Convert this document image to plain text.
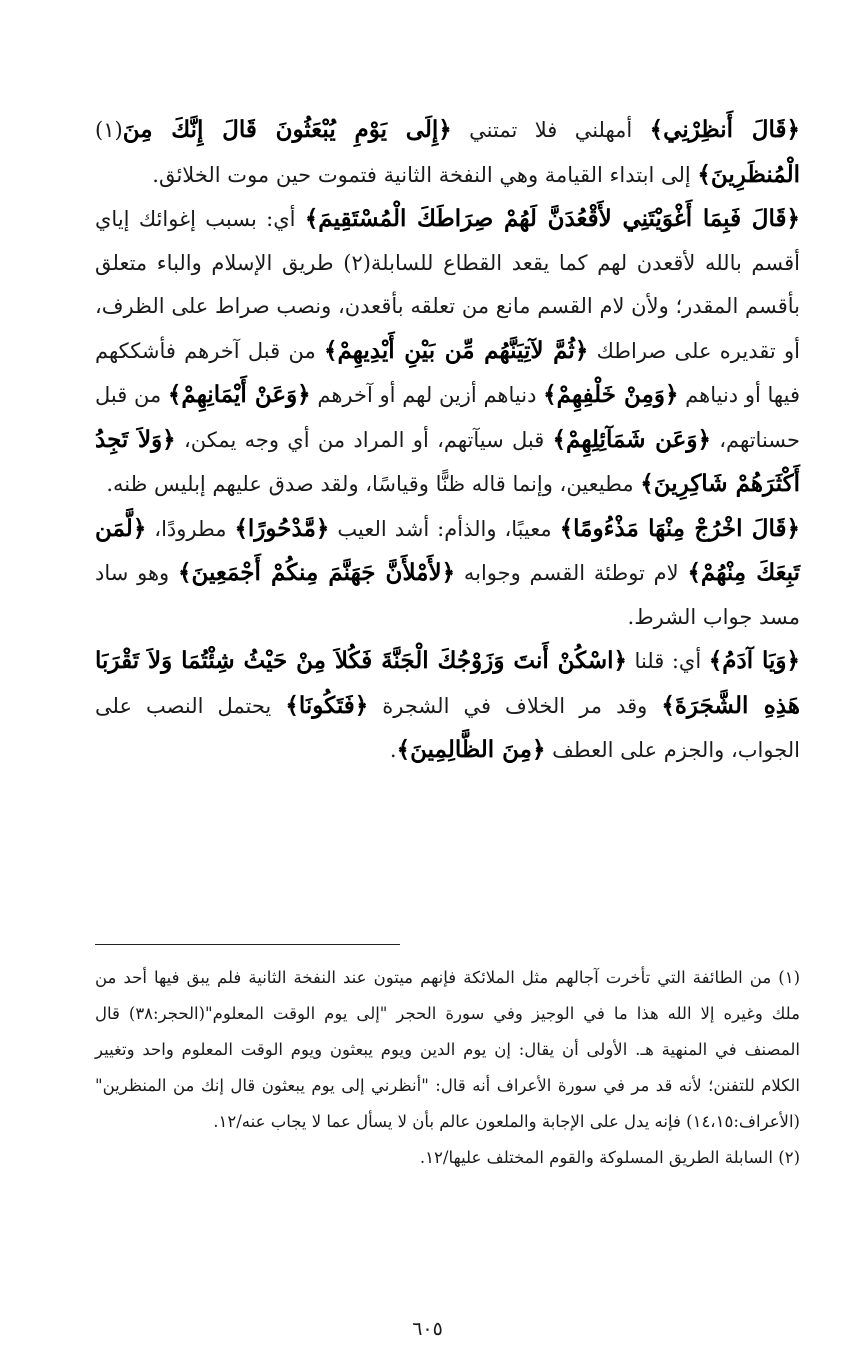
﴿قَالَ أَنظِرْنِي﴾ أمهلني فلا تمتني ﴿إِلَى يَوْمِ يُبْعَثُونَ قَالَ إِنَّكَ مِنَ(١) الْمُنظَرِينَ﴾ إلى ابتداء القيامة وهي النفخة الثانية فتموت حين موت الخلائق.

﴿قَالَ فَبِمَا أَغْوَيْتَنِي لأَقْعُدَنَّ لَهُمْ صِرَاطَكَ الْمُسْتَقِيمَ﴾ أي: بسبب إغوائك إياي أقسم بالله لأقعدن لهم كما يقعد القطاع للسابلة(٢) طريق الإسلام والباء متعلق بأقسم المقدر؛ ولأن لام القسم مانع من تعلقه بأقعدن، ونصب صراط على الظرف، أو تقديره على صراطك ﴿ثُمَّ لآتِيَنَّهُم مِّن بَيْنِ أَيْدِيهِمْ﴾ من قبل آخرهم فأشككهم فيها أو دنياهم ﴿وَمِنْ خَلْفِهِمْ﴾ دنياهم أزين لهم أو آخرهم ﴿وَعَنْ أَيْمَانِهِمْ﴾ من قبل حسناتهم، ﴿وَعَن شَمَآئِلِهِمْ﴾ قبل سيآتهم، أو المراد من أي وجه يمكن، ﴿وَلاَ تَجِدُ أَكْثَرَهُمْ شَاكِرِينَ﴾ مطيعين، وإنما قاله ظنًّا وقياسًا، ولقد صدق عليهم إبليس ظنه.

﴿قَالَ اخْرُجْ مِنْهَا مَذْءُومًا﴾ معيبًا، والذأم: أشد العيب ﴿مَّدْحُورًا﴾ مطرودًا، ﴿لَّمَن تَبِعَكَ مِنْهُمْ﴾ لام توطئة القسم وجوابه ﴿لأَمْلأَنَّ جَهَنَّمَ مِنكُمْ أَجْمَعِينَ﴾ وهو ساد مسد جواب الشرط.

﴿وَيَا آدَمُ﴾ أي: قلنا ﴿اسْكُنْ أَنتَ وَزَوْجُكَ الْجَنَّةَ فَكُلاَ مِنْ حَيْثُ شِئْتُمَا وَلاَ تَقْرَبَا هَذِهِ الشَّجَرَةَ﴾ وقد مر الخلاف في الشجرة ﴿فَتَكُونَا﴾ يحتمل النصب على الجواب، والجزم على العطف ﴿مِنَ الظَّالِمِينَ﴾.

(١) من الطائفة التي تأخرت آجالهم مثل الملائكة فإنهم ميتون عند النفخة الثانية فلم يبق فيها أحد من ملك وغيره إلا الله هذا ما في الوجيز وفي سورة الحجر "إلى يوم الوقت المعلوم"(الحجر:٣٨) قال المصنف في المنهية هـ. الأولى أن يقال: إن يوم الدين ويوم يبعثون ويوم الوقت المعلوم واحد وتغيير الكلام للتفنن؛ لأنه قد مر في سورة الأعراف أنه قال: "أنظرني إلى يوم يبعثون قال إنك من المنظرين"(الأعراف:١٤،١٥) فإنه يدل على الإجابة والملعون عالم بأن لا يسأل عما لا يجاب عنه/١٢.

(٢) السابلة الطريق المسلوكة والقوم المختلف عليها/١٢.

٦٠٥
